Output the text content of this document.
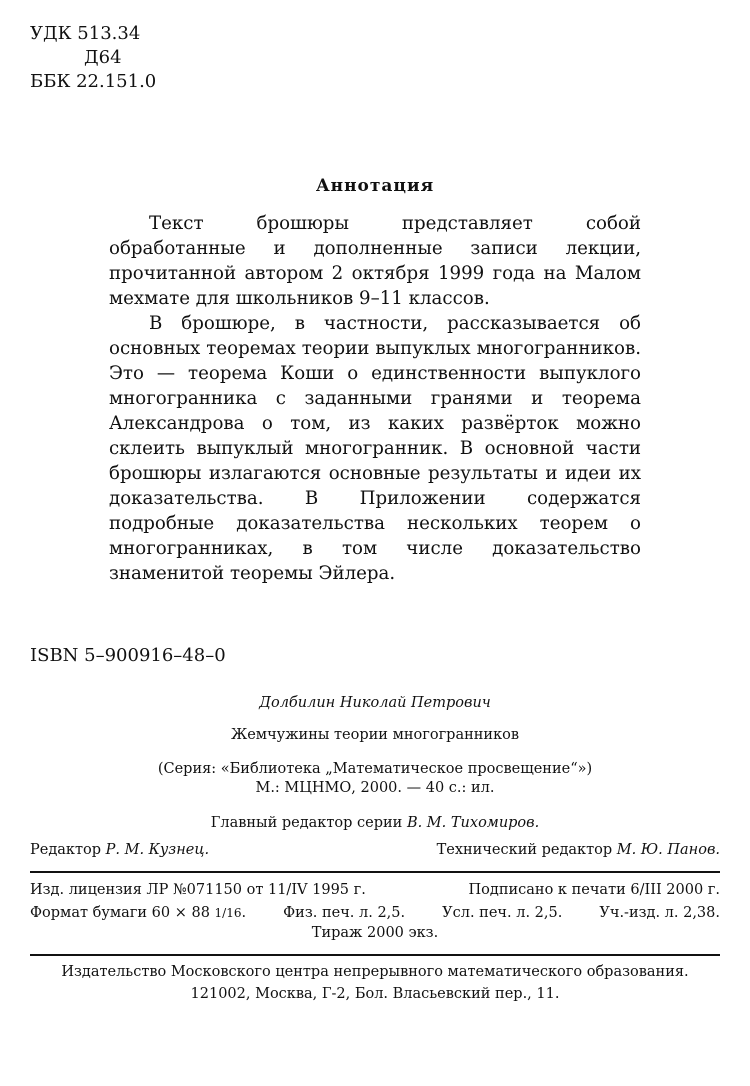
УДК 513.34
Д64
ББК 22.151.0
Аннотация

Текст брошюры представляет собой обработанные и дополненные записи лекции, прочитанной автором 2 октября 1999 года на Малом мехмате для школьников 9–11 классов.

В брошюре, в частности, рассказывается об основных теоремах теории выпуклых многогранников. Это — теорема Коши о единственности выпуклого многогранника с заданными гранями и теорема Александрова о том, из каких развёрток можно склеить выпуклый многогранник. В основной части брошюры излагаются основные результаты и идеи их доказательства. В Приложении содержатся подробные доказательства нескольких теорем о многогранниках, в том числе доказательство знаменитой теоремы Эйлера.

ISBN 5–900916–48–0
Долбилин Николай Петрович
Жемчужины теории многогранников
(Серия: «Библиотека „Математическое просвещение“»)
М.: МЦНМО, 2000. — 40 с.: ил.
Главный редактор серии В. М. Тихомиров.
Редактор Р. М. Кузнец.	Технический редактор М. Ю. Панов.
Изд. лицензия ЛР №071150 от 11/IV 1995 г.	Подписано к печати 6/III 2000 г.
Формат бумаги 60 × 88 1/16.	Физ. печ. л. 2,5.	Усл. печ. л. 2,5.	Уч.-изд. л. 2,38.
Тираж 2000 экз.
Издательство Московского центра непрерывного математического образования.
121002, Москва, Г-2, Бол. Власьевский пер., 11.
